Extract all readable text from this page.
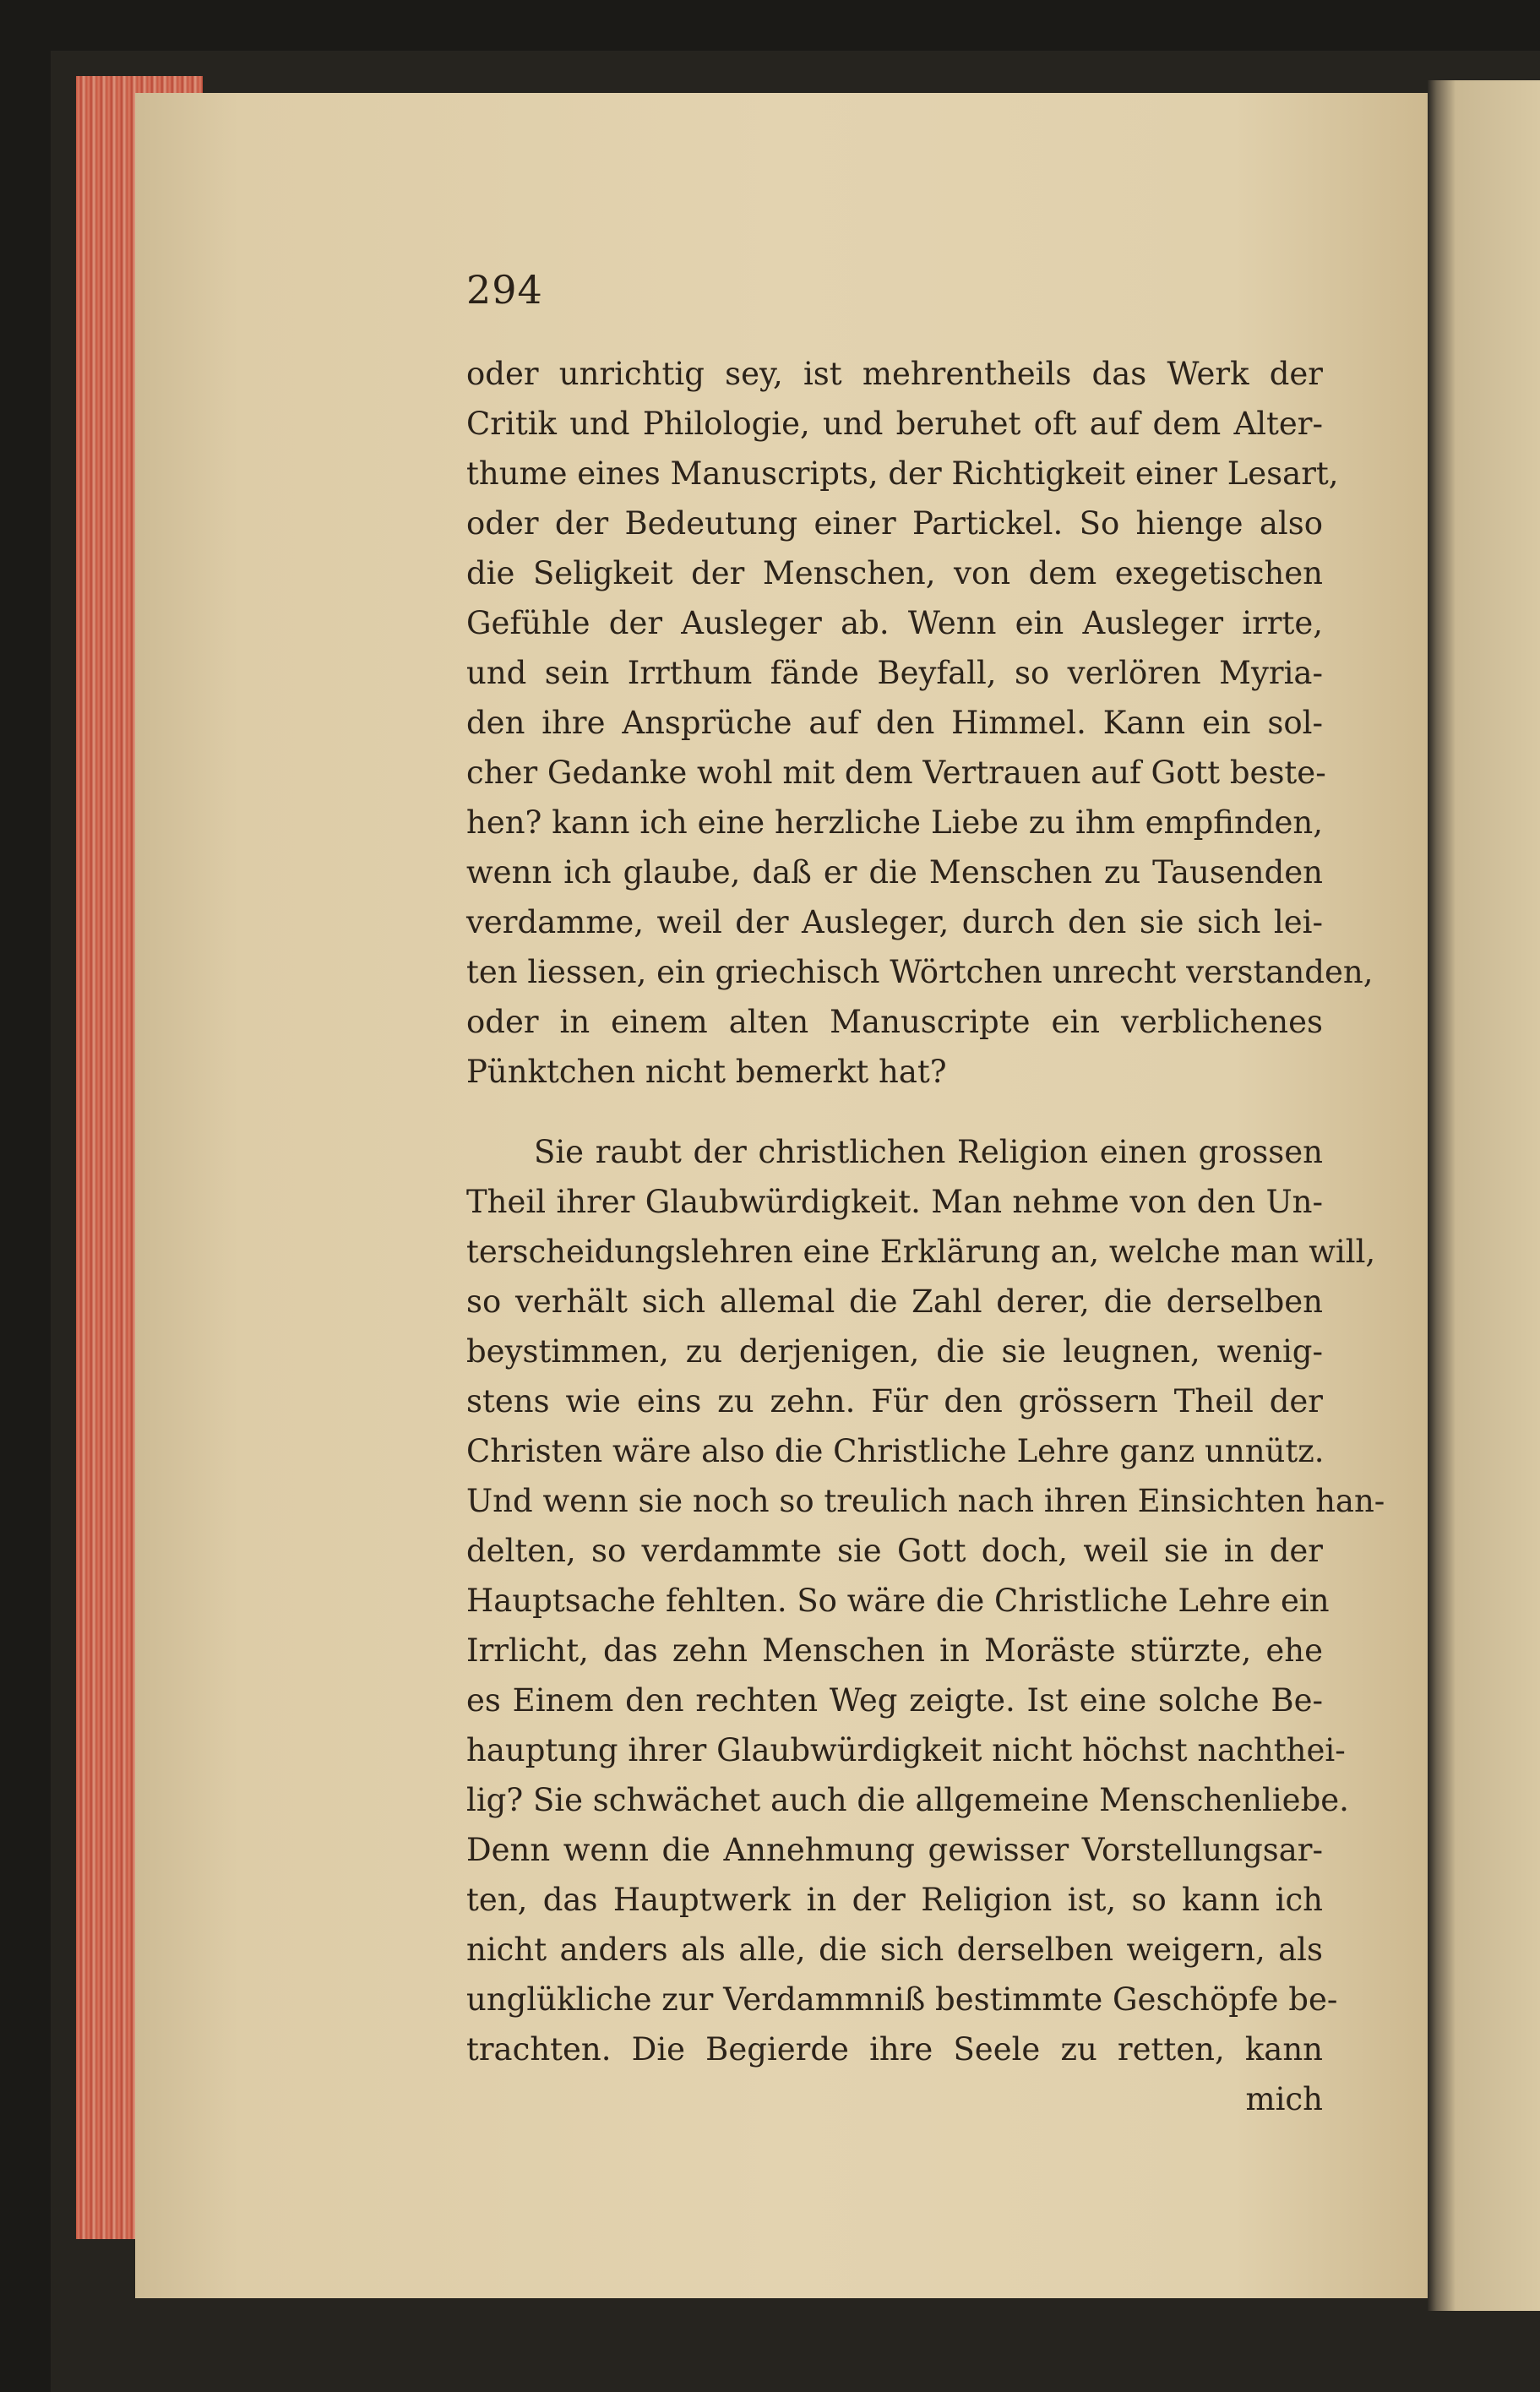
294
oder unrichtig sey, ist mehrentheils das Werk der
Critik und Philologie, und beruhet oft auf dem Alter-
thume eines Manuscripts, der Richtigkeit einer Lesart,
oder der Bedeutung einer Partickel. So hienge also
die Seligkeit der Menschen, von dem exegetischen
Gefühle der Ausleger ab. Wenn ein Ausleger irrte,
und sein Irrthum fände Beyfall, so verlören Myria-
den ihre Ansprüche auf den Himmel. Kann ein sol-
cher Gedanke wohl mit dem Vertrauen auf Gott beste-
hen? kann ich eine herzliche Liebe zu ihm empfinden,
wenn ich glaube, daß er die Menschen zu Tausenden
verdamme, weil der Ausleger, durch den sie sich lei-
ten liessen, ein griechisch Wörtchen unrecht verstanden,
oder in einem alten Manuscripte ein verblichenes
Pünktchen nicht bemerkt hat?
Sie raubt der christlichen Religion einen grossen
Theil ihrer Glaubwürdigkeit. Man nehme von den Un-
terscheidungslehren eine Erklärung an, welche man will,
so verhält sich allemal die Zahl derer, die derselben
beystimmen, zu derjenigen, die sie leugnen, wenig-
stens wie eins zu zehn. Für den grössern Theil der
Christen wäre also die Christliche Lehre ganz unnütz.
Und wenn sie noch so treulich nach ihren Einsichten han-
delten, so verdammte sie Gott doch, weil sie in der
Hauptsache fehlten. So wäre die Christliche Lehre ein
Irrlicht, das zehn Menschen in Moräste stürzte, ehe
es Einem den rechten Weg zeigte. Ist eine solche Be-
hauptung ihrer Glaubwürdigkeit nicht höchst nachthei-
lig? Sie schwächet auch die allgemeine Menschenliebe.
Denn wenn die Annehmung gewisser Vorstellungsar-
ten, das Hauptwerk in der Religion ist, so kann ich
nicht anders als alle, die sich derselben weigern, als
unglükliche zur Verdammniß bestimmte Geschöpfe be-
trachten. Die Begierde ihre Seele zu retten, kann
mich
